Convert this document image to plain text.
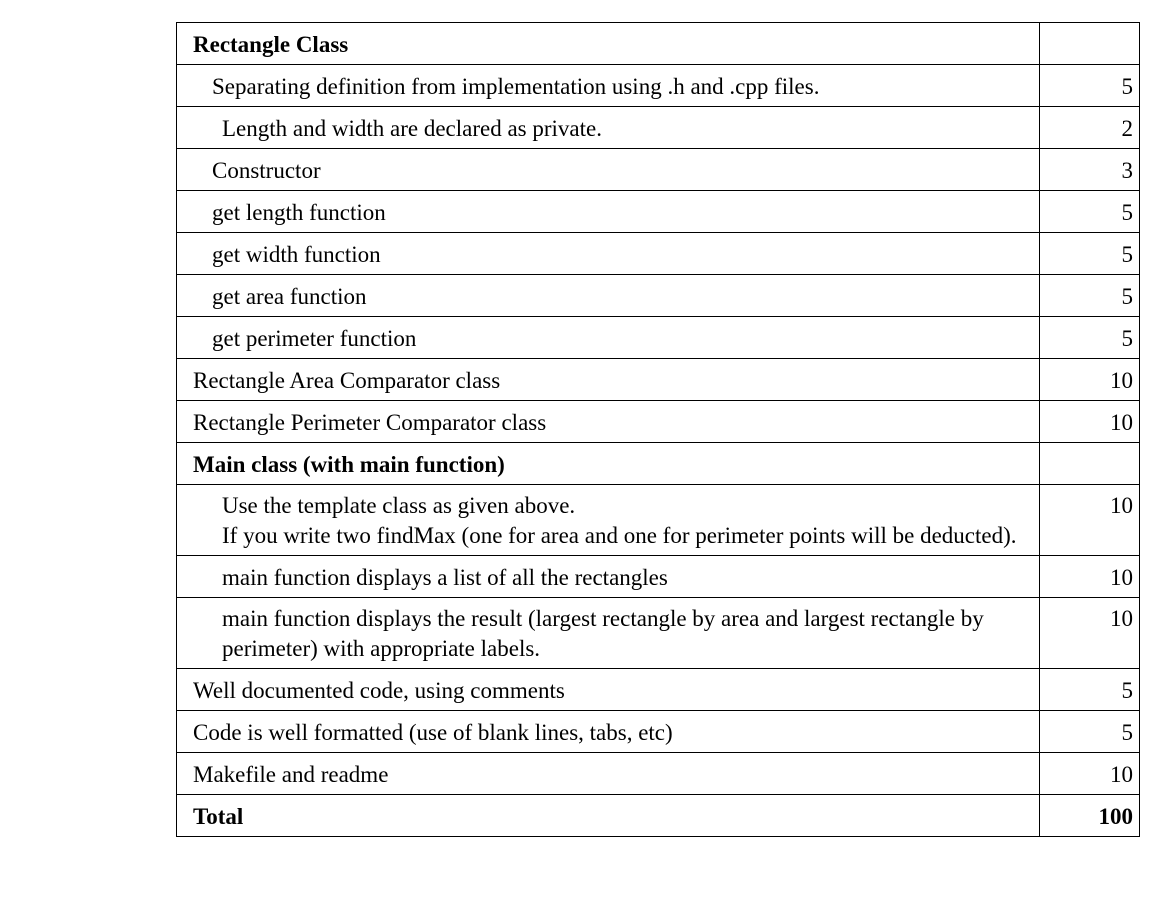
Rectangle Class	
Separating definition from implementation using .h and .cpp files.	5
Length and width are declared as private.	2
Constructor	3
get length function	5
get width function	5
get area function	5
get perimeter function	5
Rectangle Area Comparator class	10
Rectangle Perimeter Comparator class	10
Main class (with main function)	

Use the template class as given above.
If you write two findMax (one for area and one for perimeter points will be deducted).	10
main function displays a list of all the rectangles	10

main function displays the result (largest rectangle by area and largest rectangle by perimeter) with appropriate labels.	10
Well documented code, using comments	5
Code is well formatted (use of blank lines, tabs, etc)	5
Makefile and readme	10
Total	100
